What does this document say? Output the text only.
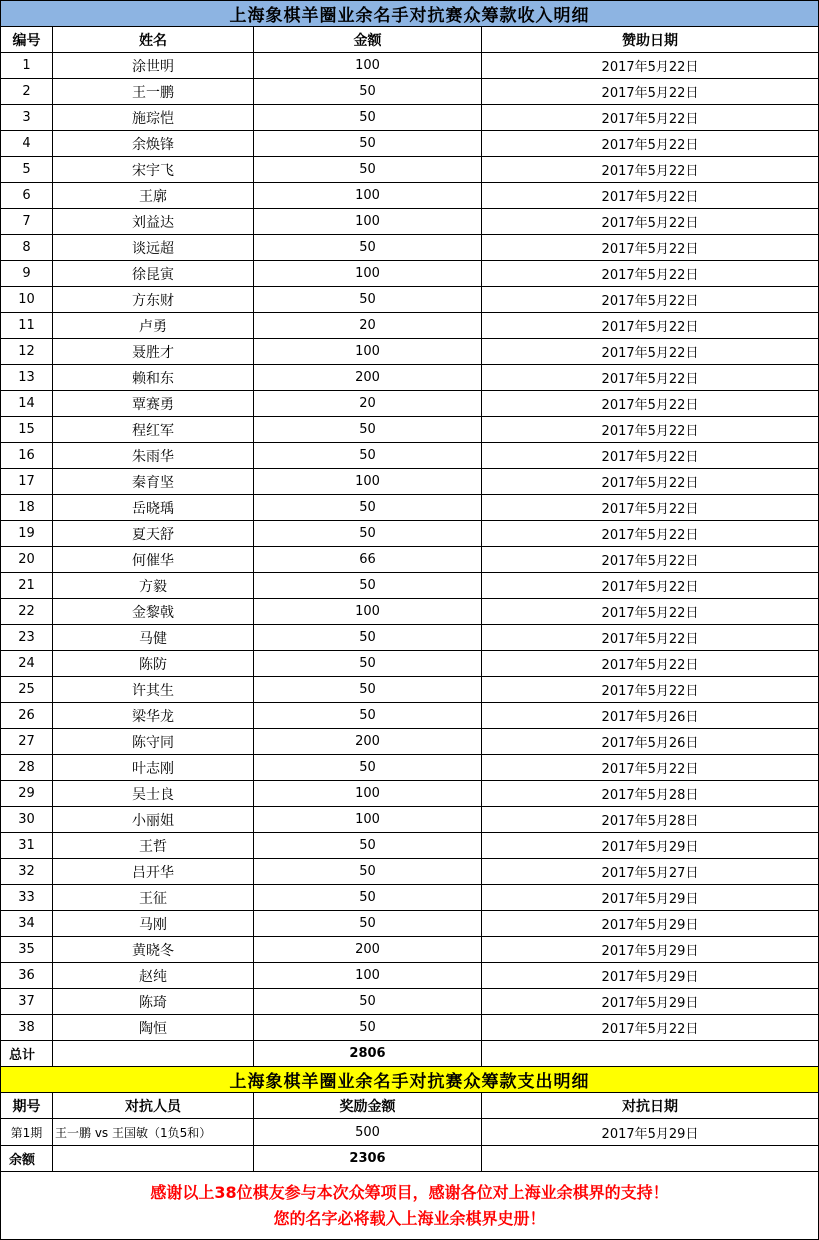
上海象棋羊圈业余名手对抗赛众筹款收入明细			
编号	姓名	金额	赞助日期
1	涂世明	100	2017年5月22日
2	王一鹏	50	2017年5月22日
3	施琮恺	50	2017年5月22日
4	余焕锋	50	2017年5月22日
5	宋宇飞	50	2017年5月22日
6	王廓	100	2017年5月22日
7	刘益达	100	2017年5月22日
8	谈远超	50	2017年5月22日
9	徐昆寅	100	2017年5月22日
10	方东财	50	2017年5月22日
11	卢勇	20	2017年5月22日
12	聂胜才	100	2017年5月22日
13	赖和东	200	2017年5月22日
14	覃赛勇	20	2017年5月22日
15	程红军	50	2017年5月22日
16	朱雨华	50	2017年5月22日
17	秦育坚	100	2017年5月22日
18	岳晓瑀	50	2017年5月22日
19	夏天舒	50	2017年5月22日
20	何催华	66	2017年5月22日
21	方毅	50	2017年5月22日
22	金黎戟	100	2017年5月22日
23	马健	50	2017年5月22日
24	陈防	50	2017年5月22日
25	许其生	50	2017年5月22日
26	梁华龙	50	2017年5月26日
27	陈守同	200	2017年5月26日
28	叶志刚	50	2017年5月22日
29	吴士良	100	2017年5月28日
30	小丽姐	100	2017年5月28日
31	王哲	50	2017年5月29日
32	吕开华	50	2017年5月27日
33	王征	50	2017年5月29日
34	马刚	50	2017年5月29日
35	黄晓冬	200	2017年5月29日
36	赵纯	100	2017年5月29日
37	陈琦	50	2017年5月29日
38	陶恒	50	2017年5月22日
总计		2806	
上海象棋羊圈业余名手对抗赛众筹款支出明细			
期号	对抗人员	奖励金额	对抗日期
第1期	王一鹏 vs 王国敏（1负5和）	500	2017年5月29日
余额		2306	

感谢以上38位棋友参与本次众筹项目，感谢各位对上海业余棋界的支持！
您的名字必将载入上海业余棋界史册！			
